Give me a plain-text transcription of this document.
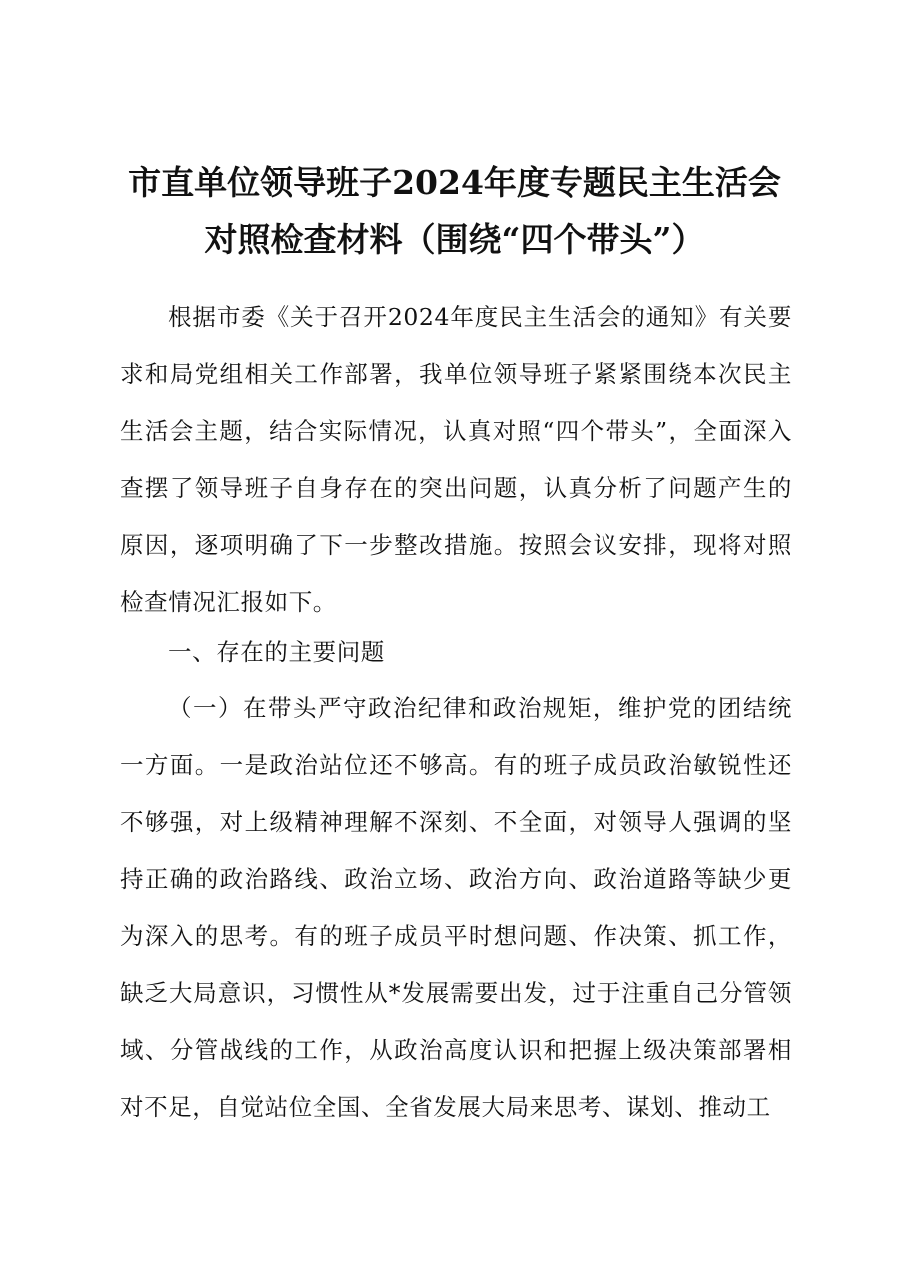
市直单位领导班子2024年度专题民主生活会
对照检查材料（围绕“四个带头”）

根据市委《关于召开2024年度民主生活会的通知》有关要求和局党组相关工作部署，我单位领导班子紧紧围绕本次民主生活会主题，结合实际情况，认真对照“四个带头”，全面深入查摆了领导班子自身存在的突出问题，认真分析了问题产生的原因，逐项明确了下一步整改措施。按照会议安排，现将对照检查情况汇报如下。

一、存在的主要问题

（一）在带头严守政治纪律和政治规矩，维护党的团结统一方面。一是政治站位还不够高。有的班子成员政治敏锐性还不够强，对上级精神理解不深刻、不全面，对领导人强调的坚持正确的政治路线、政治立场、政治方向、政治道路等缺少更为深入的思考。有的班子成员平时想问题、作决策、抓工作，缺乏大局意识，习惯性从*发展需要出发，过于注重自己分管领域、分管战线的工作，从政治高度认识和把握上级决策部署相对不足，自觉站位全国、全省发展大局来思考、谋划、推动工
